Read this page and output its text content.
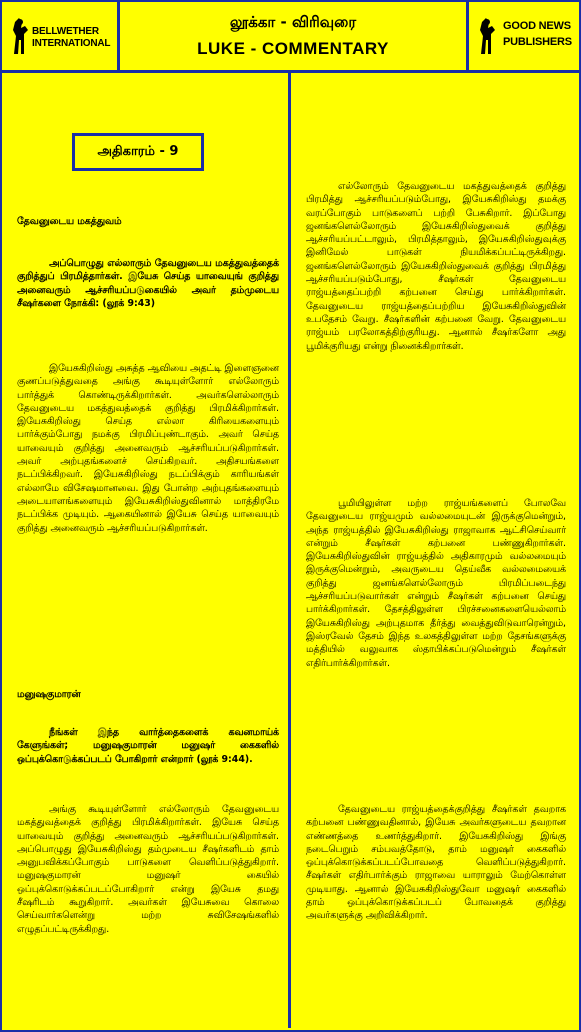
BELLWETHER
INTERNATIONAL
லூக்கா - விரிவுரை
LUKE - COMMENTARY
GOOD NEWS
PUBLISHERS
அதிகாரம் - 9
தேவனுடைய மகத்துவம்

அப்பொழுது எல்லாரும் தேவனுடைய மகத்துவத்தைக் குறித்துப் பிரமித்தார்கள். இயேசு செய்த யாவையுங் குறித்து அனைவரும் ஆச்சரியப்படுகையில் அவர் தம்முடைய சீஷர்களை நோக்கி: (லூக் 9:43)

இயேசுகிறிஸ்து அசுத்த ஆவியை அதட்டி இளைஞனை குணப்படுத்துவதை அங்கு கூடியுள்ளோர் எல்லோரும் பார்த்துக் கொண்டிருக்கிறார்கள். அவர்களெல்லாரும் தேவனுடைய மகத்துவத்தைக் குறித்து பிரமிக்கிறார்கள். இயேசுகிறிஸ்து செய்த எல்லா கிரியைகளையும் பார்க்கும்போது நமக்கு பிரமிப்புண்டாகும். அவர் செய்த யாவையும் குறித்து அனைவரும் ஆச்சரியப்படுகிறார்கள். அவர் அற்புதங்களைச் செய்கிறவர். அதிசயங்களை நடப்பிக்கிறவர். இயேசுகிறிஸ்து நடப்பிக்கும் காரியங்கள் எல்லாமே விசேஷமானவை. இது போன்ற அற்புதங்களையும் அடையாளங்களையும் இயேசுகிறிஸ்துவினால் மாத்திரமே நடப்பிக்க முடியும். ஆகையினால் இயேசு செய்த யாவையும் குறித்து அனைவரும் ஆச்சரியப்படுகிறார்கள்.

மனுஷகுமாரன்

நீங்கள் இந்த வார்த்தைகளைக் கவனமாய்க் கேளுங்கள்; மனுஷகுமாரன் மனுஷர் கைகளில் ஒப்புக்கொடுக்கப்படப் போகிறார் என்றார் (லூக் 9:44).

அங்கு கூடியுள்ளோர் எல்லோரும் தேவனுடைய மகத்துவத்தைக் குறித்து பிரமிக்கிறார்கள். இயேசு செய்த யாவையும் குறித்து அனைவரும் ஆச்சரியப்படுகிறார்கள். அப்பொழுது இயேசுகிறிஸ்து தம்முடைய சீஷர்களிடம் தாம் அனுபவிக்கப்போகும் பாடுகளை வெளிப்படுத்துகிறார். மனுஷகுமாரன் மனுஷர் கையில் ஒப்புக்கொடுக்கப்படப்போகிறார் என்று இயேசு தமது சீஷரிடம் கூறுகிறார். அவர்கள் இயேசுவை கொலை செய்வார்களென்று மற்ற சுவிசேஷங்களில் எழுதப்பட்டிருக்கிறது.

எல்லோரும் தேவனுடைய மகத்துவத்தைக் குறித்து பிரமித்து ஆச்சரியப்படும்போது, இயேசுகிறிஸ்து தமக்கு வரப்போகும் பாடுகளைப் பற்றி பேசுகிறார். இப்போது ஜனங்களெல்லோரும் இயேசுகிறிஸ்துவைக் குறித்து ஆச்சரியப்பட்டாலும், பிரமித்தாலும், இயேசுகிறிஸ்துவுக்கு இனிமேல் பாடுகள் நியமிக்கப்பட்டிருக்கிறது. ஜனங்களெல்லோரும் இயேசுகிறிஸ்துவைக் குறித்து பிரமித்து ஆச்சரியப்படும்போது, சீஷர்கள் தேவனுடைய ராஜ்யத்தைப்பற்றி கற்பனை செய்து பார்க்கிறார்கள். தேவனுடைய ராஜ்யத்தைப்பற்றிய இயேசுகிறிஸ்துவின் உபதேசம் வேறு. சீஷர்களின் கற்பனை வேறு. தேவனுடைய ராஜ்யம் பரலோகத்திற்குரியது. ஆனால் சீஷர்களோ அது பூமிக்குரியது என்று நினைக்கிறார்கள்.

பூமியிலுள்ள மற்ற ராஜ்யங்களைப் போலவே தேவனுடைய ராஜ்யமும் வல்லமையுடன் இருக்குமென்றும், அந்த ராஜ்யத்தில் இயேசுகிறிஸ்து ராஜாவாக ஆட்சிசெய்வார் என்றும் சீஷர்கள் கற்பனை பண்ணுகிறார்கள். இயேசுகிறிஸ்துவின் ராஜ்யத்தில் அதிகாரமும் வல்லமையும் இருக்குமென்றும், அவருடைய தெய்வீக வல்லமையைக் குறித்து ஜனங்களெல்லோரும் பிரமிப்படைந்து ஆச்சரியப்படுவார்கள் என்றும் சீஷர்கள் கற்பனை செய்து பார்க்கிறார்கள். தேசத்திலுள்ள பிரச்சனைகளையெல்லாம் இயேசுகிறிஸ்து அற்புதமாக தீர்த்து வைத்துவிடுவாரென்றும், இஸ்ரவேல் தேசம் இந்த உலகத்திலுள்ள மற்ற தேசங்களுக்கு மத்தியில் வலுவாக ஸ்தாபிக்கப்படுமென்றும் சீஷர்கள் எதிர்பார்க்கிறார்கள்.

தேவனுடைய ராஜ்யத்தைக்குறித்து சீஷர்கள் தவறாக கற்பனை பண்ணுவதினால், இயேசு அவர்களுடைய தவறான எண்ணத்தை உணர்த்துகிறார். இயேசுகிறிஸ்து இங்கு நடைபெறும் சம்பவத்தோடு, தாம் மனுஷர் கைகளில் ஒப்புக்கொடுக்கப்படப்போவதை வெளிப்படுத்துகிறார். சீஷர்கள் எதிர்பார்க்கும் ராஜாவை யாராலும் மேற்கொள்ள முடியாது. ஆனால் இயேசுகிறிஸ்துவோ மனுஷர் கைகளில் தாம் ஒப்புக்கொடுக்கப்படப் போவதைக் குறித்து அவர்களுக்கு அறிவிக்கிறார்.
